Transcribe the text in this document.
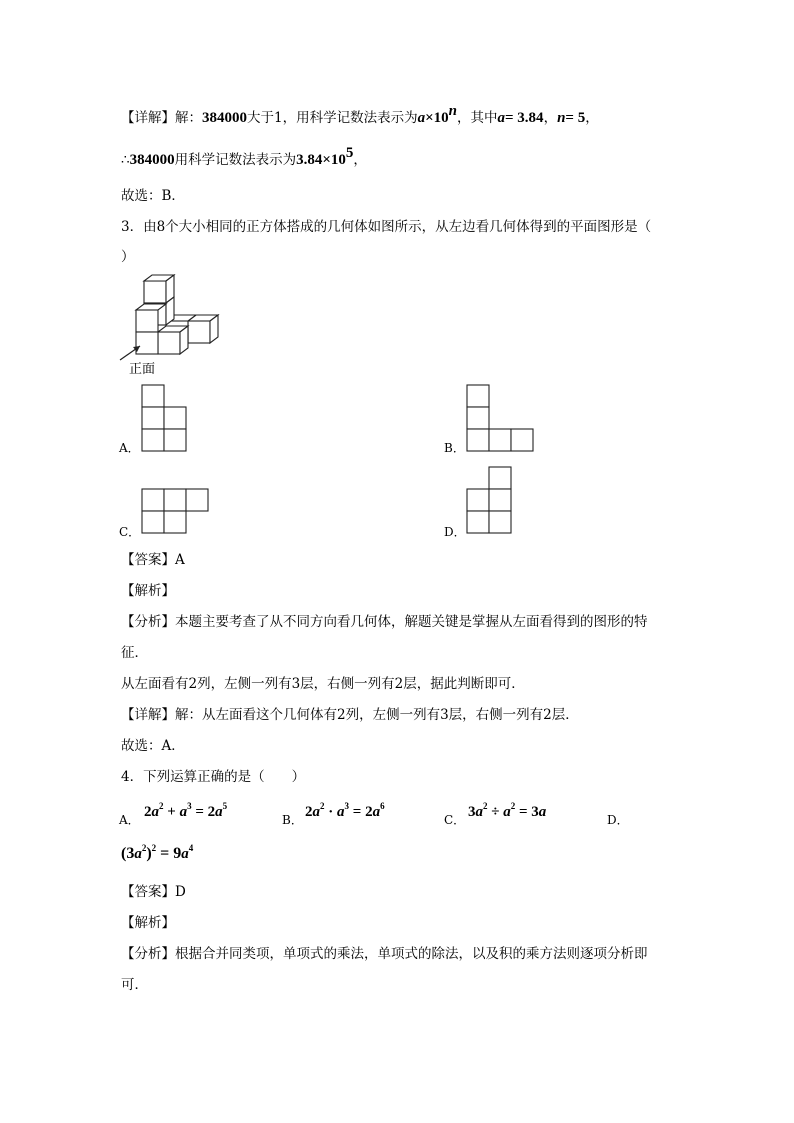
【详解】解：384000大于1，用科学记数法表示为$a\times 10^n$，其中a= 3.84，n= 5，
∴384000用科学记数法表示为$3.84\times 10^5$，
故选：B．
3．由8个大小相同的正方体搭成的几何体如图所示，从左边看几何体得到的平面图形是（
）
正面
A．	B．
C．	D．
【答案】A
【解析】
【分析】本题主要考查了从不同方向看几何体，解题关键是掌握从左面看得到的图形的特
征．
从左面看有2列，左侧一列有3层，右侧一列有2层，据此判断即可．
【详解】解：从左面看这个几何体有2列，左侧一列有3层，右侧一列有2层．
故选：A．
4．下列运算正确的是（　　）
A． $2a^2 + a^3 = 2a^5$
B． $2a^2 \cdot a^3 = 2a^6$
C． $3a^2 \div a^2 = 3a$	D．
$(3a^2)^2 = 9a^4$
【答案】D
【解析】
【分析】根据合并同类项，单项式的乘法，单项式的除法，以及积的乘方法则逐项分析即
可．
